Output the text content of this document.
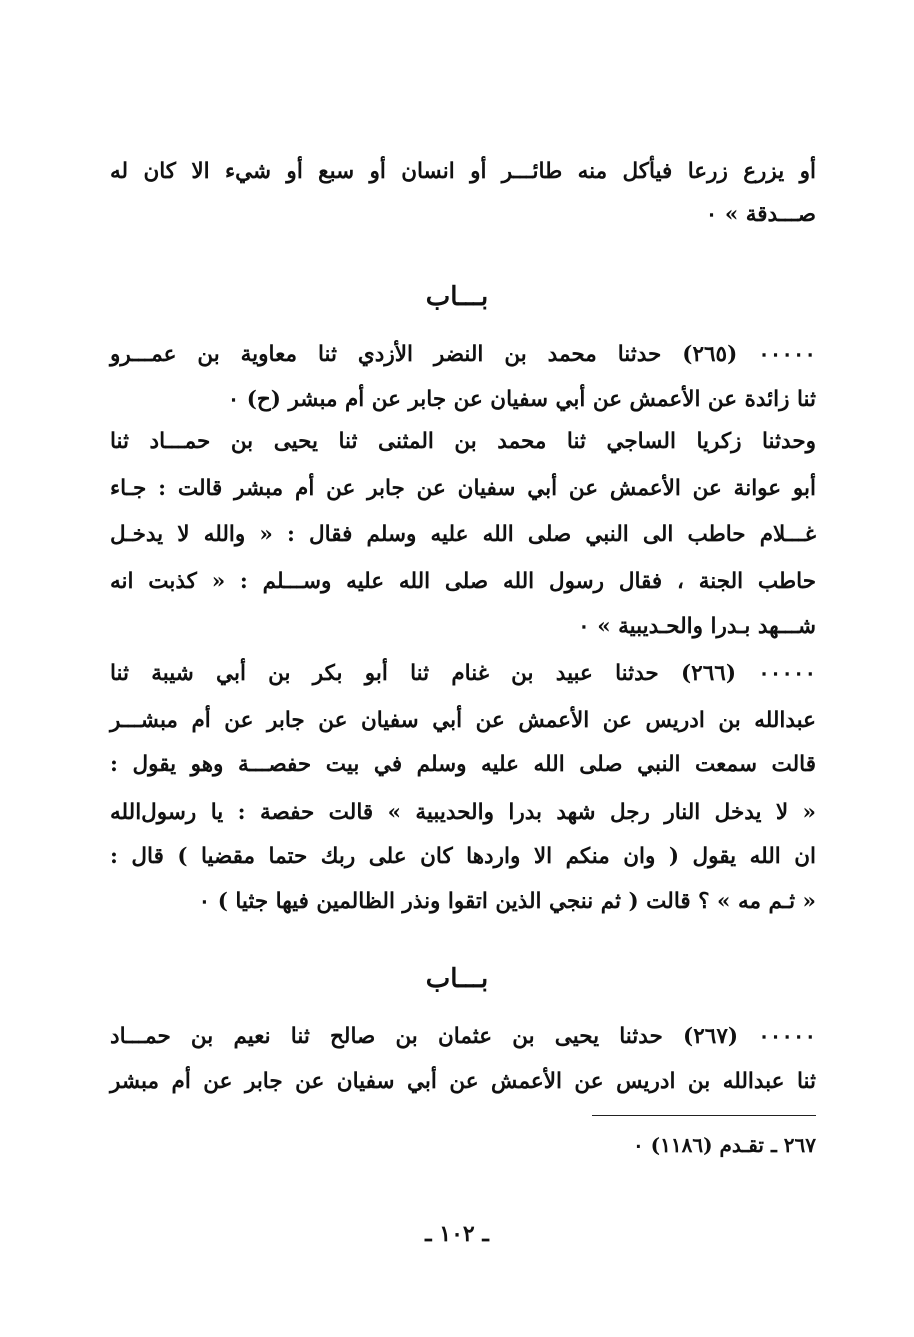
أو يزرع زرعا فيأكل منه طائـــر أو انسان أو سبع أو شيء الا كان له
صـــدقة » ٠
بـــاب
٠٠٠٠٠ (٢٦٥) حدثنا محمد بن النضر الأزدي ثنا معاوية بن عمـــرو
ثنا زائدة عن الأعمش عن أبي سفيان عن جابر عن أم مبشر (ح) ٠
وحدثنا زكريا الساجي ثنا محمد بن المثنى ثنا يحيى بن حمـــاد ثنا
أبو عوانة عن الأعمش عن أبي سفيان عن جابر عن أم مبشر قالت : جـاء
غـــلام حاطب الى النبي صلى الله عليه وسلم فقال : « والله لا يدخـل
حاطب الجنة ، فقال رسول الله صلى الله عليه وســـلم : « كذبت انه
شـــهد بـدرا والحـديبية » ٠
٠٠٠٠٠ (٢٦٦) حدثنا عبيد بن غنام ثنا أبو بكر بن أبي شيبة ثنا
عبدالله بن ادريس عن الأعمش عن أبي سفيان عن جابر عن أم مبشـــر
قالت سمعت النبي صلى الله عليه وسلم في بيت حفصـــة وهو يقول :
« لا يدخل النار رجل شهد بدرا والحديبية » قالت حفصة : يا رسول‌الله
ان الله يقول ( وان منكم الا واردها كان على ربك حتما مقضيا ) قال :
« ثـم مه » ؟ قالت ( ثم ننجي الذين اتقوا ونذر الظالمين فيها جثيا ) ٠
بـــاب
٠٠٠٠٠ (٢٦٧) حدثنا يحيى بن عثمان بن صالح ثنا نعيم بن حمـــاد
ثنا عبدالله بن ادريس عن الأعمش عن أبي سفيان عن جابر عن أم مبشر
٢٦٧ ـ تقـدم (١١٨٦) ٠
ـ ١٠٢ ـ
